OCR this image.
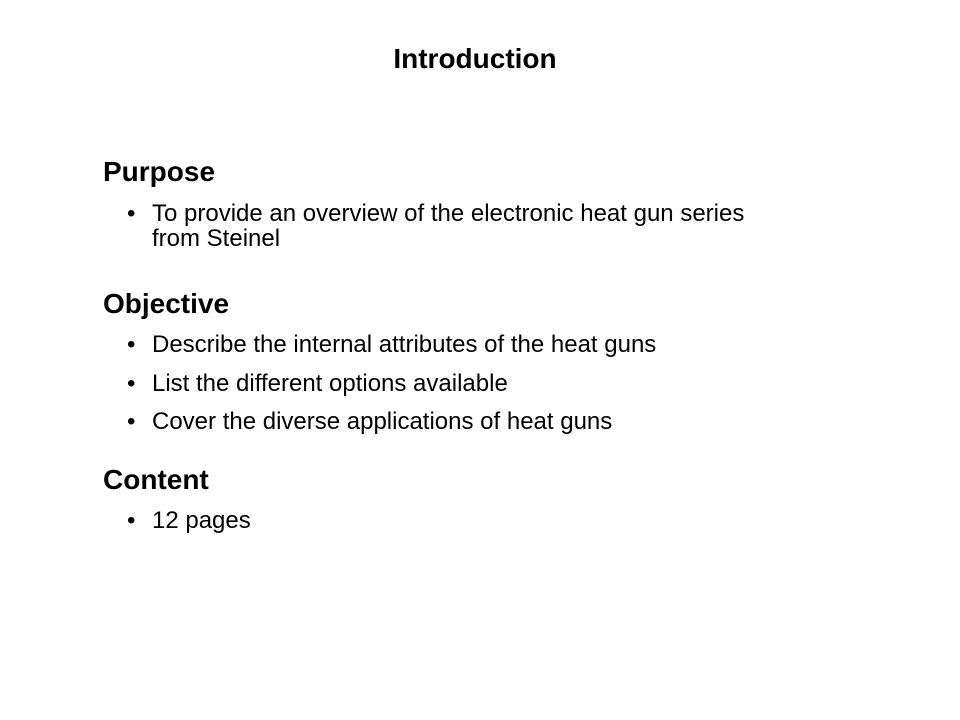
Introduction
Purpose
• To provide an overview of the electronic heat gun series from Steinel
Objective
• Describe the internal attributes of the heat guns
• List the different options available
• Cover the diverse applications of heat guns
Content
• 12 pages
